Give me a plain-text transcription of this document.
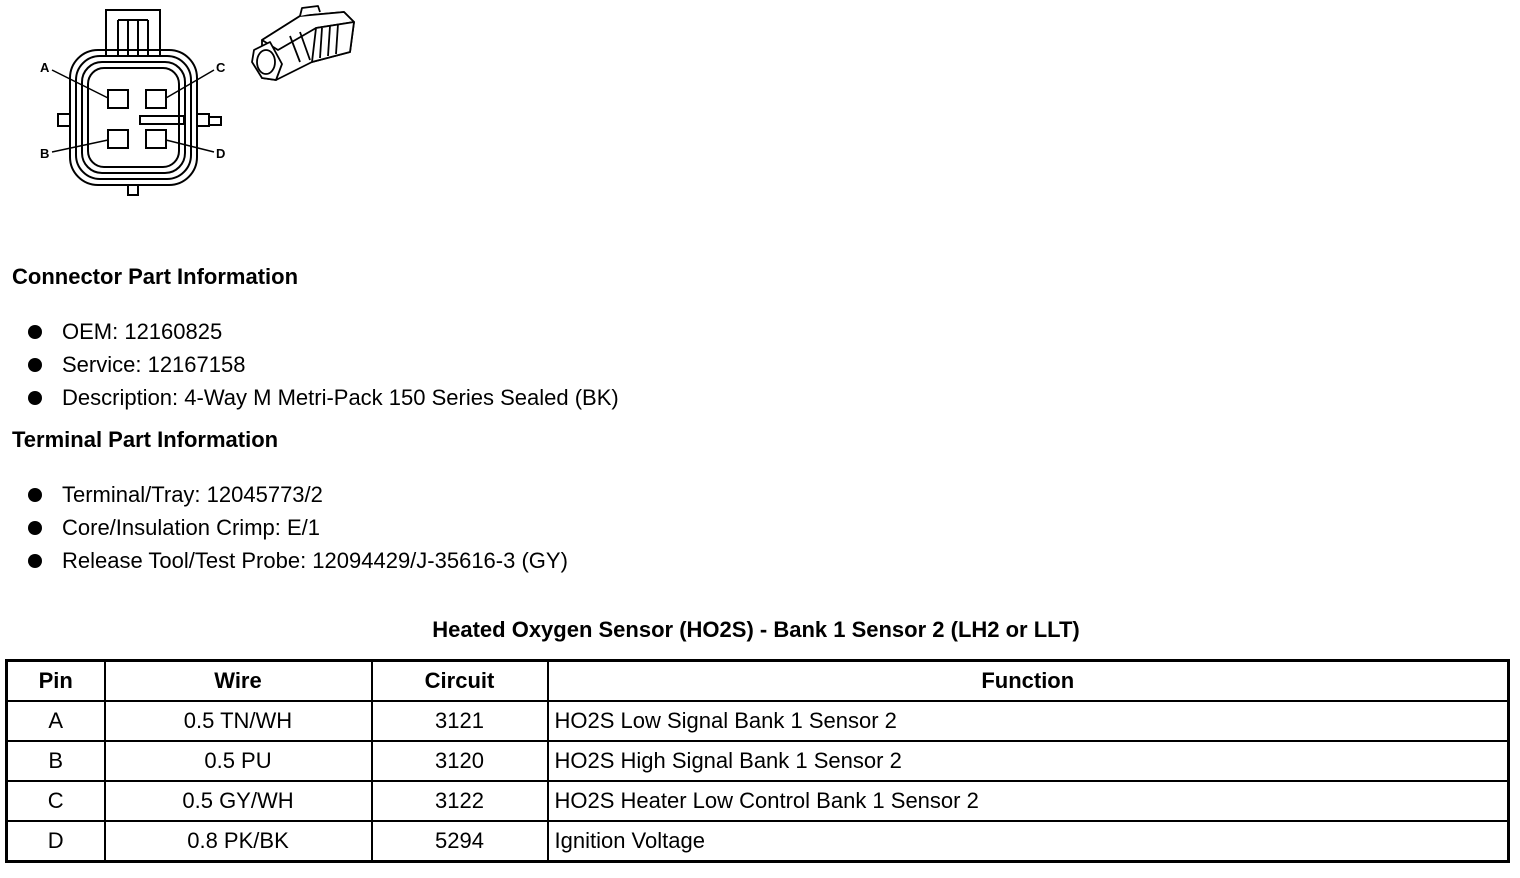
A	C
B	D
Connector Part Information
OEM: 12160825
Service: 12167158
Description: 4-Way M Metri-Pack 150 Series Sealed (BK)
Terminal Part Information
Terminal/Tray: 12045773/2
Core/Insulation Crimp: E/1
Release Tool/Test Probe: 12094429/J-35616-3 (GY)
Heated Oxygen Sensor (HO2S) - Bank 1 Sensor 2 (LH2 or LLT)
Pin	Wire	Circuit	Function
A	0.5 TN/WH	3121	HO2S Low Signal Bank 1 Sensor 2
B	0.5 PU	3120	HO2S High Signal Bank 1 Sensor 2
C	0.5 GY/WH	3122	HO2S Heater Low Control Bank 1 Sensor 2
D	0.8 PK/BK	5294	Ignition Voltage
